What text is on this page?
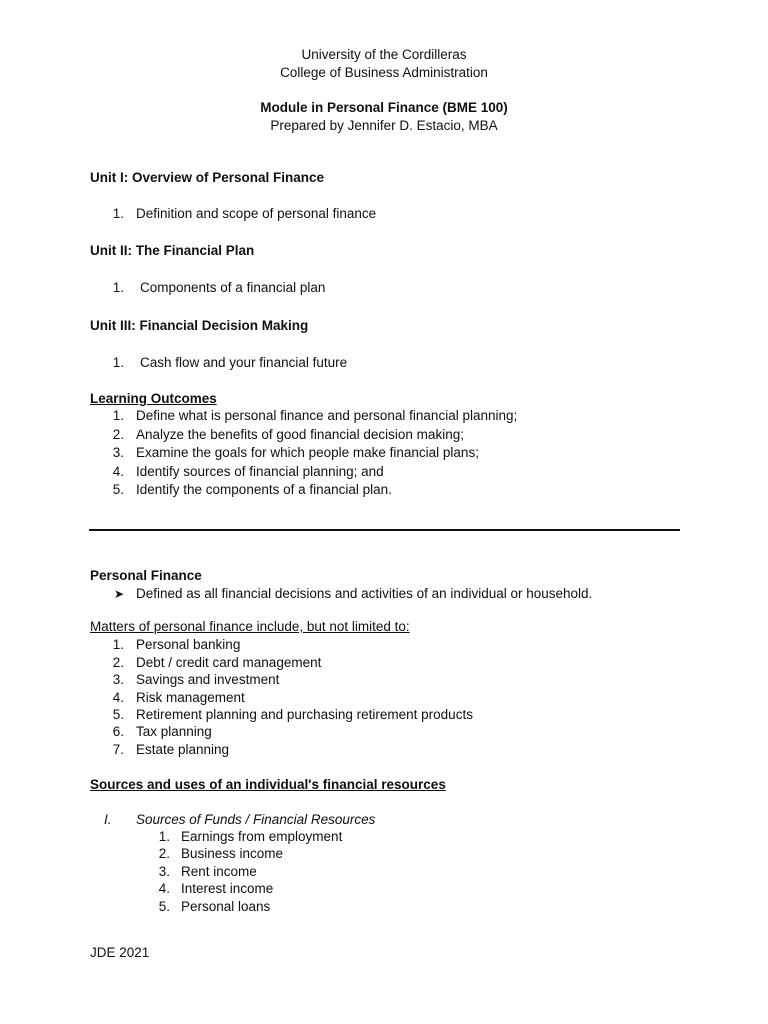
University of the Cordilleras
College of Business Administration
Module in Personal Finance (BME 100)
Prepared by Jennifer D. Estacio, MBA
Unit I: Overview of Personal Finance
1. Definition and scope of personal finance
Unit II: The Financial Plan
1. Components of a financial plan
Unit III: Financial Decision Making
1. Cash flow and your financial future
Learning Outcomes
1. Define what is personal finance and personal financial planning;
2. Analyze the benefits of good financial decision making;
3. Examine the goals for which people make financial plans;
4. Identify sources of financial planning; and
5. Identify the components of a financial plan.
Personal Finance
➤ Defined as all financial decisions and activities of an individual or household.
Matters of personal finance include, but not limited to:
1. Personal banking
2. Debt / credit card management
3. Savings and investment
4. Risk management
5. Retirement planning and purchasing retirement products
6. Tax planning
7. Estate planning
Sources and uses of an individual's financial resources
I. Sources of Funds / Financial Resources
1. Earnings from employment
2. Business income
3. Rent income
4. Interest income
5. Personal loans
JDE 2021
